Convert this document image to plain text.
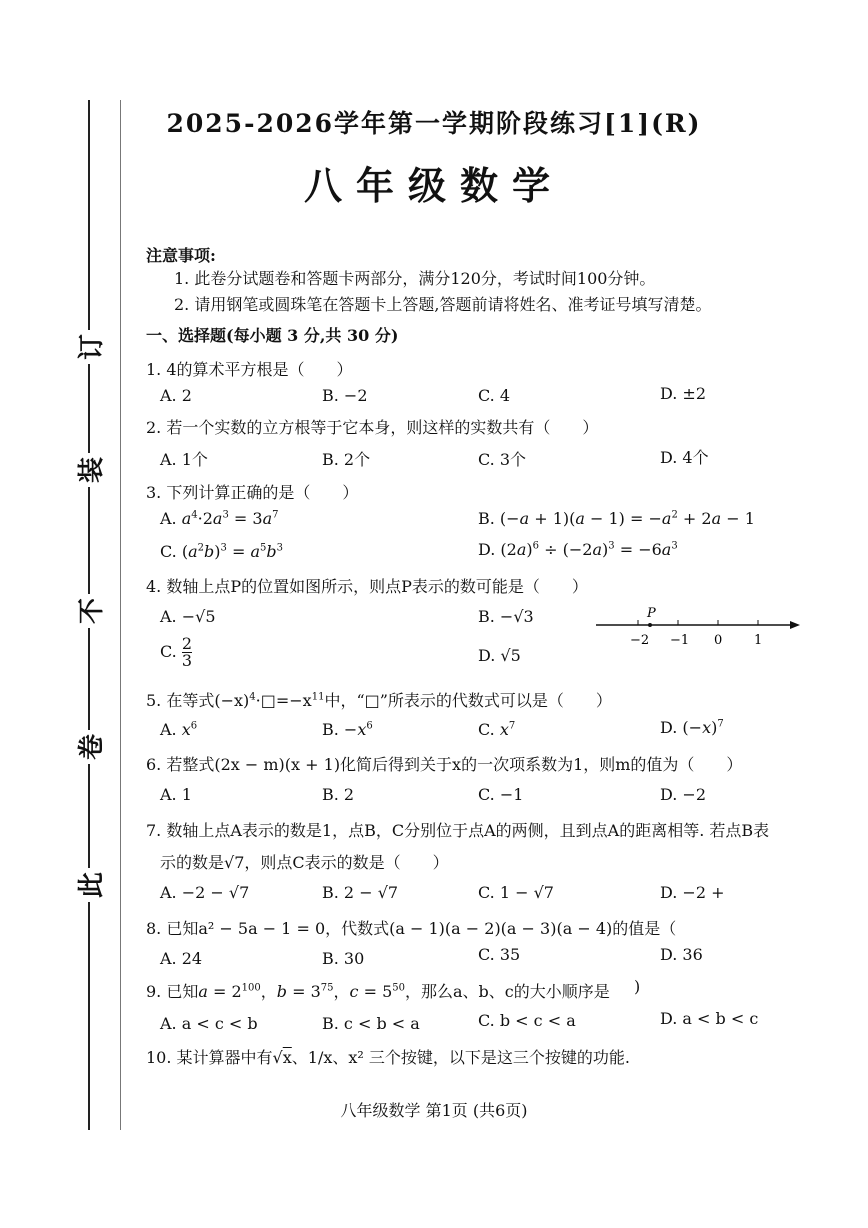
订
装
不
卷
此
2025-2026学年第一学期阶段练习[1](R)
八年级数学
注意事项:
1. 此卷分试题卷和答题卡两部分，满分120分，考试时间100分钟。
2. 请用钢笔或圆珠笔在答题卡上答题,答题前请将姓名、准考证号填写清楚。
一、选择题(每小题 3 分,共 30 分)
1. 4的算术平方根是（　　）
A. 2	B. −2	C. 4	D. ±2
2. 若一个实数的立方根等于它本身，则这样的实数共有（　　）
A. 1个	B. 2个	C. 3个	D. 4个
3. 下列计算正确的是（　　）
A. $a^4\cdot 2a^3 = 3a^7$	B. $(-a + 1)(a - 1) = -a^2 + 2a - 1$
C. $(a^2b)^3 = a^5b^3$	D. $(2a)^6 \div (-2a)^3 = -6a^3$
4. 数轴上点P的位置如图所示，则点P表示的数可能是（　　）
A. −√5	B. −√3
C. $\frac{2}{3}$	D. √5
P
−2 −1 0 1
5. 在等式$(-x)^4\cdot□=-x^{11}$中，“□”所表示的代数式可以是（　　）
A. $x^6$	B. $-x^6$	C. $x^7$	D. $(-x)^7$
6. 若整式(2x − m)(x + 1)化简后得到关于x的一次项系数为1，则m的值为（　　）
A. 1	B. 2	C. −1	D. −2
7. 数轴上点A表示的数是1，点B，C分别位于点A的两侧，且到点A的距离相等. 若点B表
示的数是√7，则点C表示的数是（　　）
A. −2 − √7	B. 2 − √7	C. 1 − √7	D. −2 +
8. 已知a² − 5a − 1 = 0，代数式(a − 1)(a − 2)(a − 3)(a − 4)的值是（
A. 24	B. 30	C. 35	D. 36
9. 已知$a = 2^{100}$，$b = 3^{75}$，$c = 5^{50}$，那么a、b、c的大小顺序是 )
A. a < c < b	B. c < b < a	C. b < c < a	D. a < b < c
10. 某计算器中有√x、1/x、x² 三个按键，以下是这三个按键的功能.
八年级数学 第1页 (共6页)
